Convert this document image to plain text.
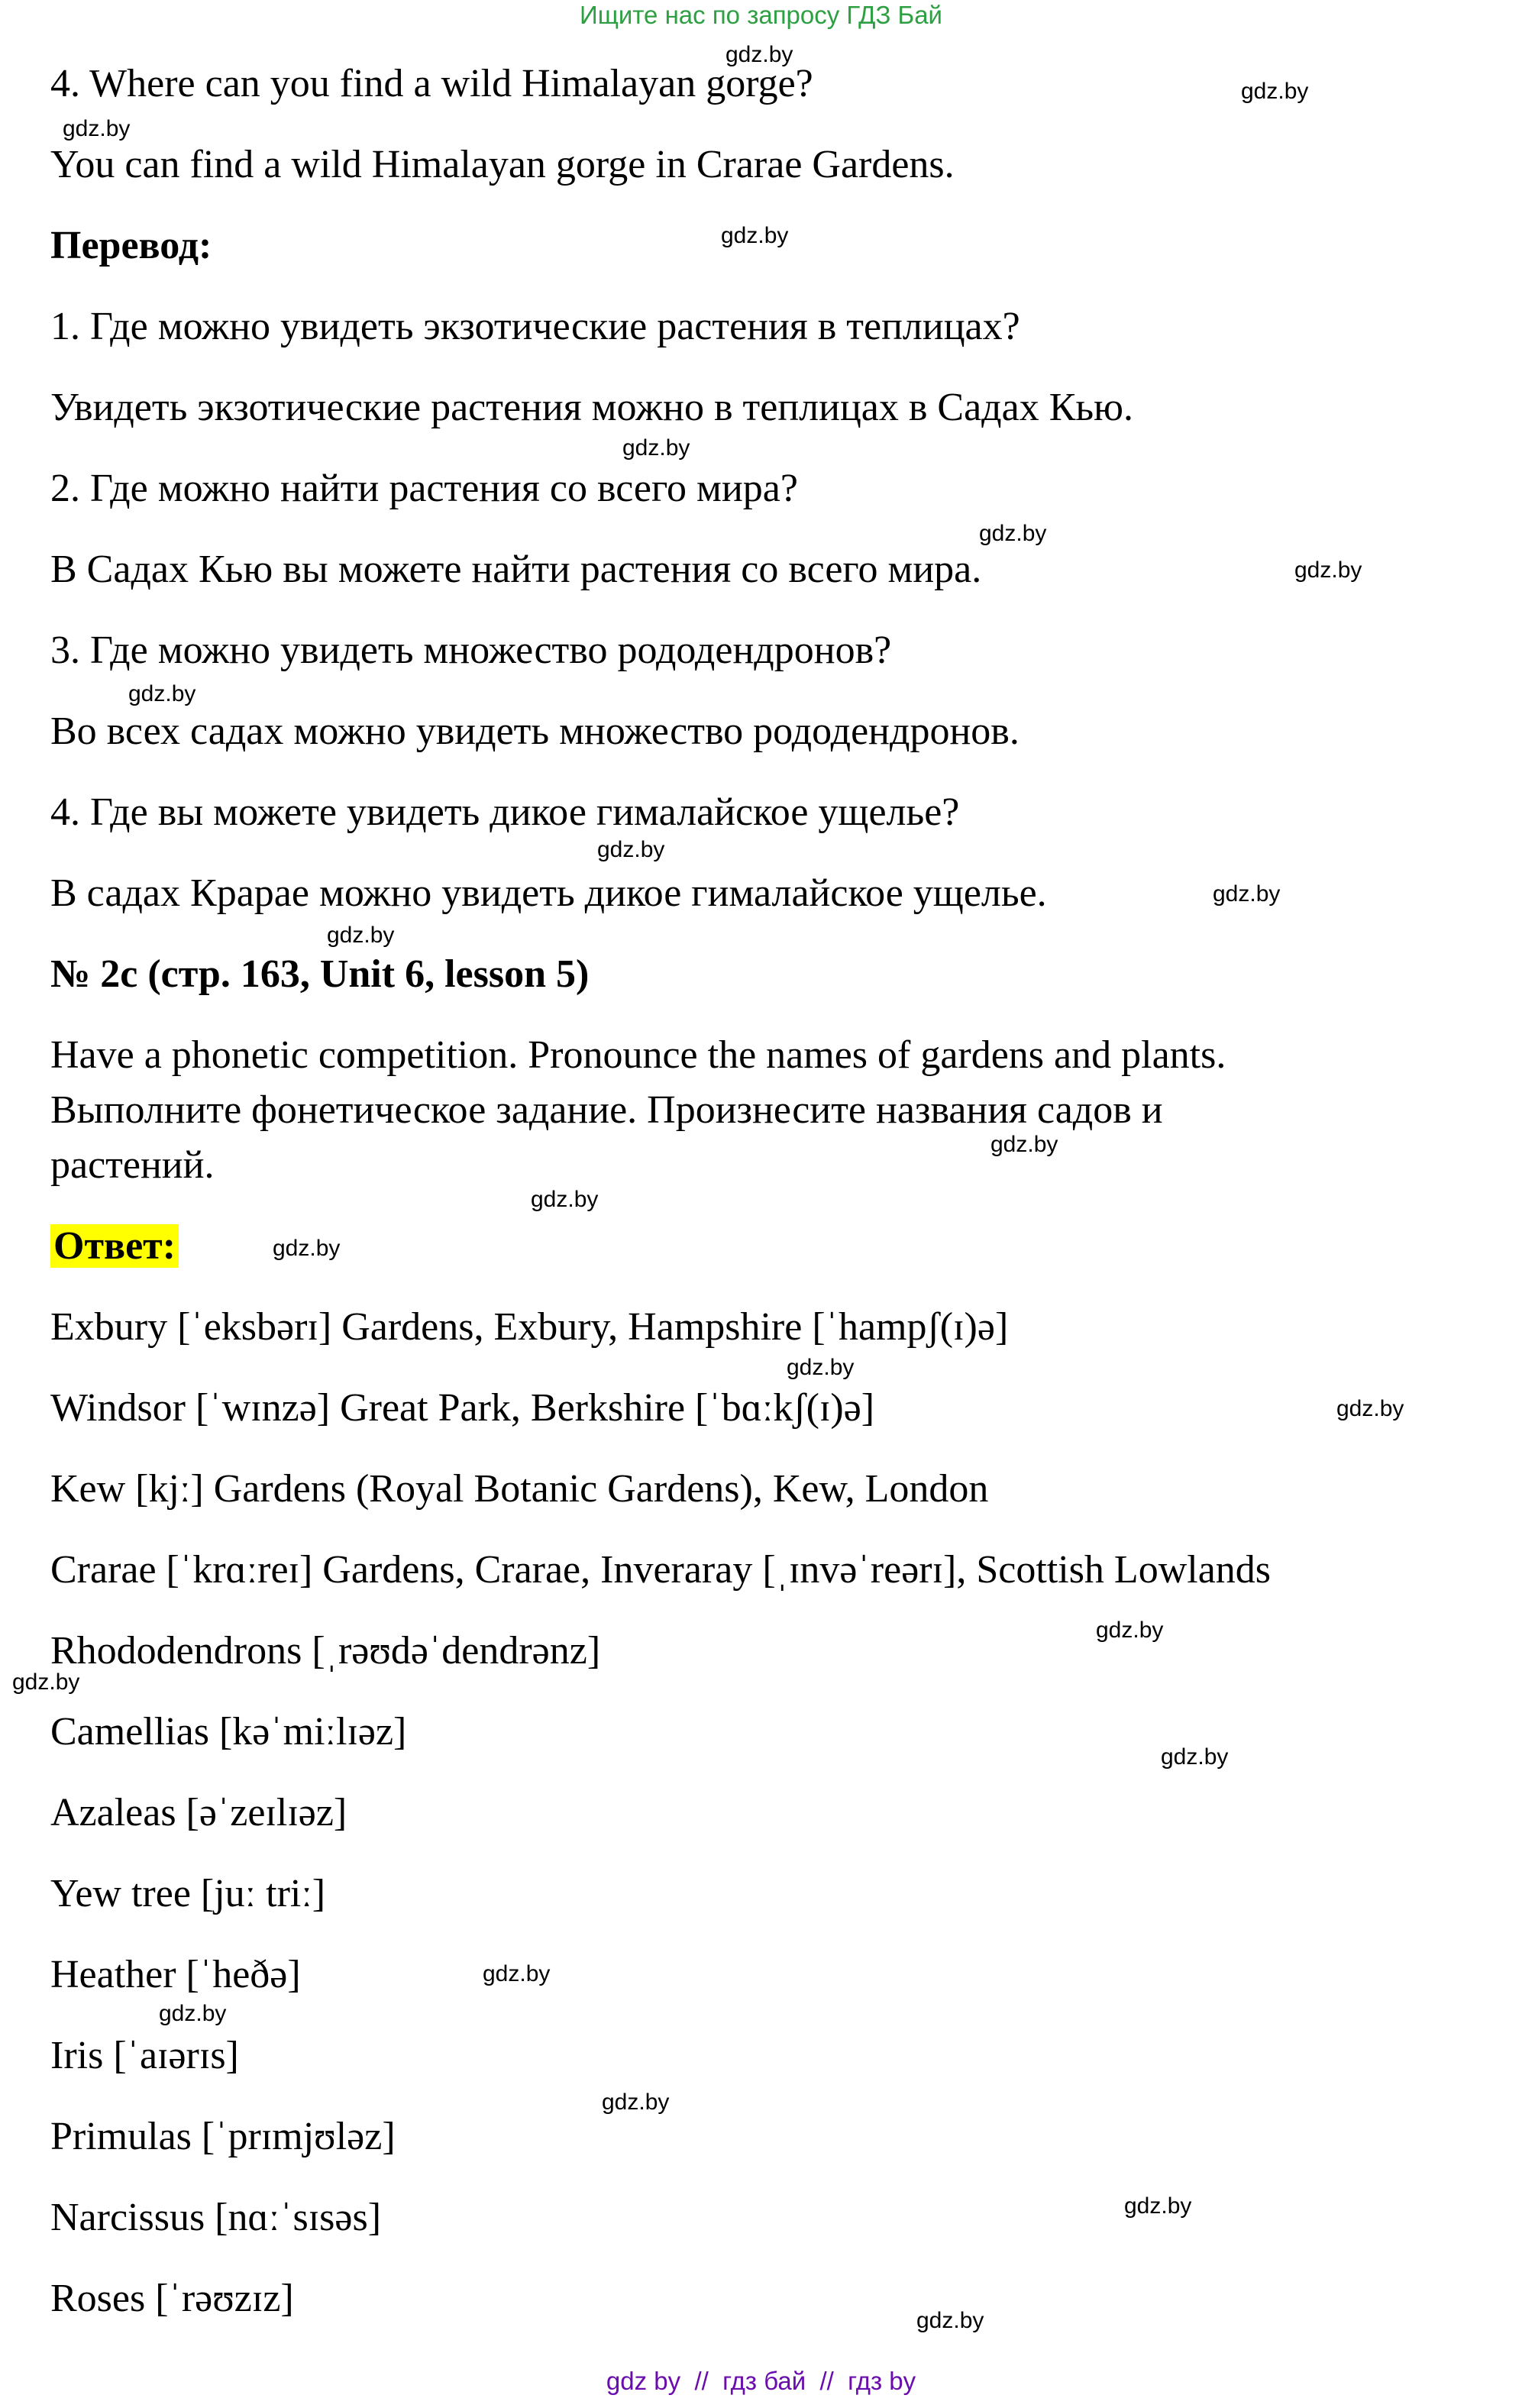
Ищите нас по запросу ГДЗ Бай
4. Where can you find a wild Himalayan gorge?
You can find a wild Himalayan gorge in Crarae Gardens.
Перевод:
1. Где можно увидеть экзотические растения в теплицах?
Увидеть экзотические растения можно в теплицах в Садах Кью.
2. Где можно найти растения со всего мира?
В Садах Кью вы можете найти растения со всего мира.
3. Где можно увидеть множество рододендронов?
Во всех садах можно увидеть множество рододендронов.
4. Где вы можете увидеть дикое гималайское ущелье?
В садах Крарае можно увидеть дикое гималайское ущелье.
№ 2c (стр. 163, Unit 6, lesson 5)
Have a phonetic competition. Pronounce the names of gardens and plants.
Выполните фонетическое задание. Произнесите названия садов и
растений.
Ответ:
Exbury [ˈeksbərɪ] Gardens, Exbury, Hampshire [ˈhampʃ(ɪ)ə]
Windsor [ˈwɪnzə] Great Park, Berkshire [ˈbɑːkʃ(ɪ)ə]
Kew [kjː] Gardens (Royal Botanic Gardens), Kew, London
Crarae [ˈkrɑːreɪ] Gardens, Crarae, Inveraray [ˌɪnvəˈreərɪ], Scottish Lowlands
Rhododendrons [ˌrəʊdəˈdendrənz]
Camellias [kəˈmiːlɪəz]
Azaleas [əˈzeɪlɪəz]
Yew tree [juː triː]
Heather [ˈheðə]
Iris [ˈaɪərɪs]
Primulas [ˈprɪmjʊləz]
Narcissus [nɑːˈsɪsəs]
Roses [ˈrəʊzɪz]
gdz.by
gdz.by
gdz.by
gdz.by
gdz.by
gdz.by
gdz.by
gdz.by
gdz.by
gdz.by
gdz.by
gdz.by
gdz.by
gdz.by
gdz.by
gdz.by
gdz.by
gdz.by
gdz.by
gdz.by
gdz.by
gdz.by
gdz.by
gdz.by
gdz by  //  гдз бай  //  гдз by
